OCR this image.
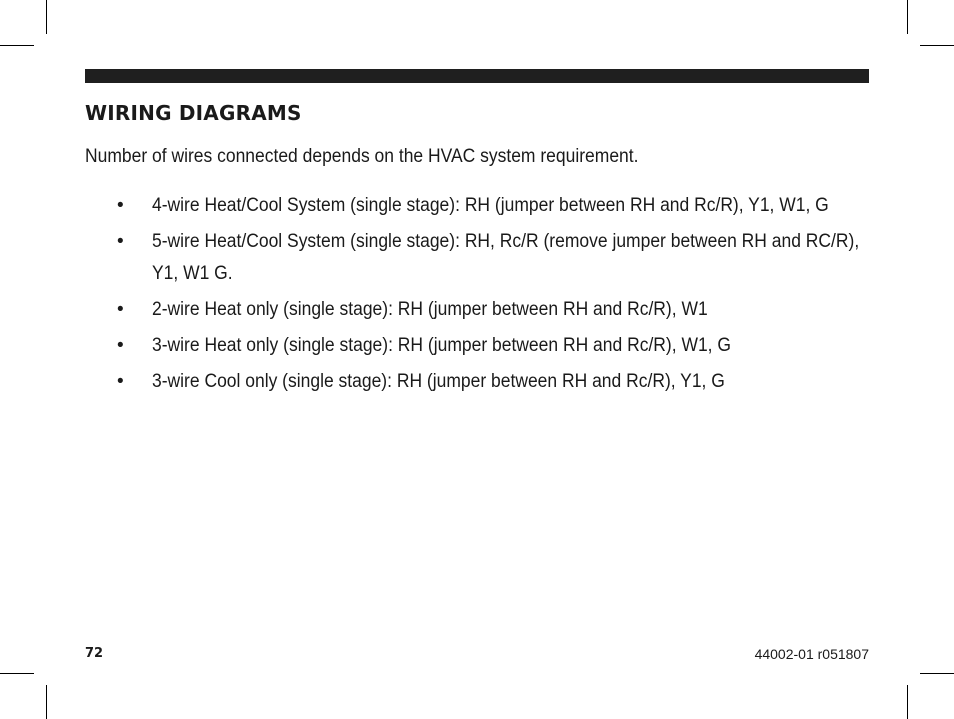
WIRING DIAGRAMS
Number of wires connected depends on the HVAC system requirement.
• 4-wire Heat/Cool System (single stage): RH (jumper between RH and Rc/R), Y1, W1, G
• 5-wire Heat/Cool System (single stage): RH, Rc/R (remove jumper between RH and RC/R), Y1, W1 G.
• 2-wire Heat only (single stage): RH (jumper between RH and Rc/R), W1
• 3-wire Heat only (single stage): RH (jumper between RH and Rc/R), W1, G
• 3-wire Cool only (single stage): RH (jumper between RH and Rc/R), Y1, G
72	44002-01 r051807
